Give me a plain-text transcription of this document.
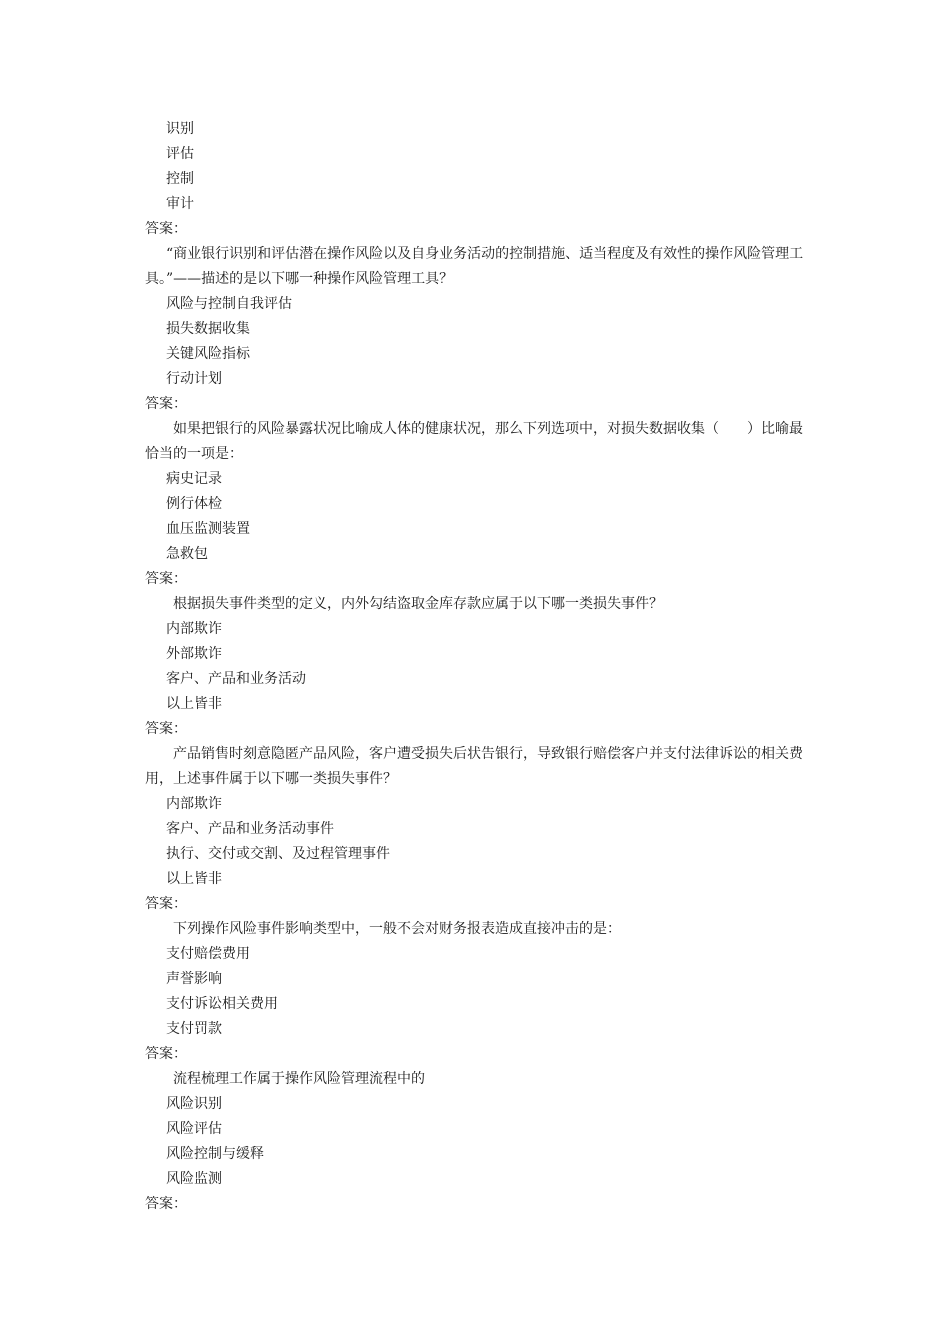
识别
评估
控制
审计
答案：
“商业银行识别和评估潜在操作风险以及自身业务活动的控制措施、适当程度及有效性的操作风险管理工具。”——描述的是以下哪一种操作风险管理工具？
风险与控制自我评估
损失数据收集
关键风险指标
行动计划
答案：
如果把银行的风险暴露状况比喻成人体的健康状况，那么下列选项中，对损失数据收集（　　）比喻最恰当的一项是：
病史记录
例行体检
血压监测装置
急救包
答案：
根据损失事件类型的定义，内外勾结盗取金库存款应属于以下哪一类损失事件？
内部欺诈
外部欺诈
客户、产品和业务活动
以上皆非
答案：
产品销售时刻意隐匿产品风险，客户遭受损失后状告银行，导致银行赔偿客户并支付法律诉讼的相关费用，上述事件属于以下哪一类损失事件？
内部欺诈
客户、产品和业务活动事件
执行、交付或交割、及过程管理事件
以上皆非
答案：
下列操作风险事件影响类型中，一般不会对财务报表造成直接冲击的是：
支付赔偿费用
声誉影响
支付诉讼相关费用
支付罚款
答案：
流程梳理工作属于操作风险管理流程中的
风险识别
风险评估
风险控制与缓释
风险监测
答案：
